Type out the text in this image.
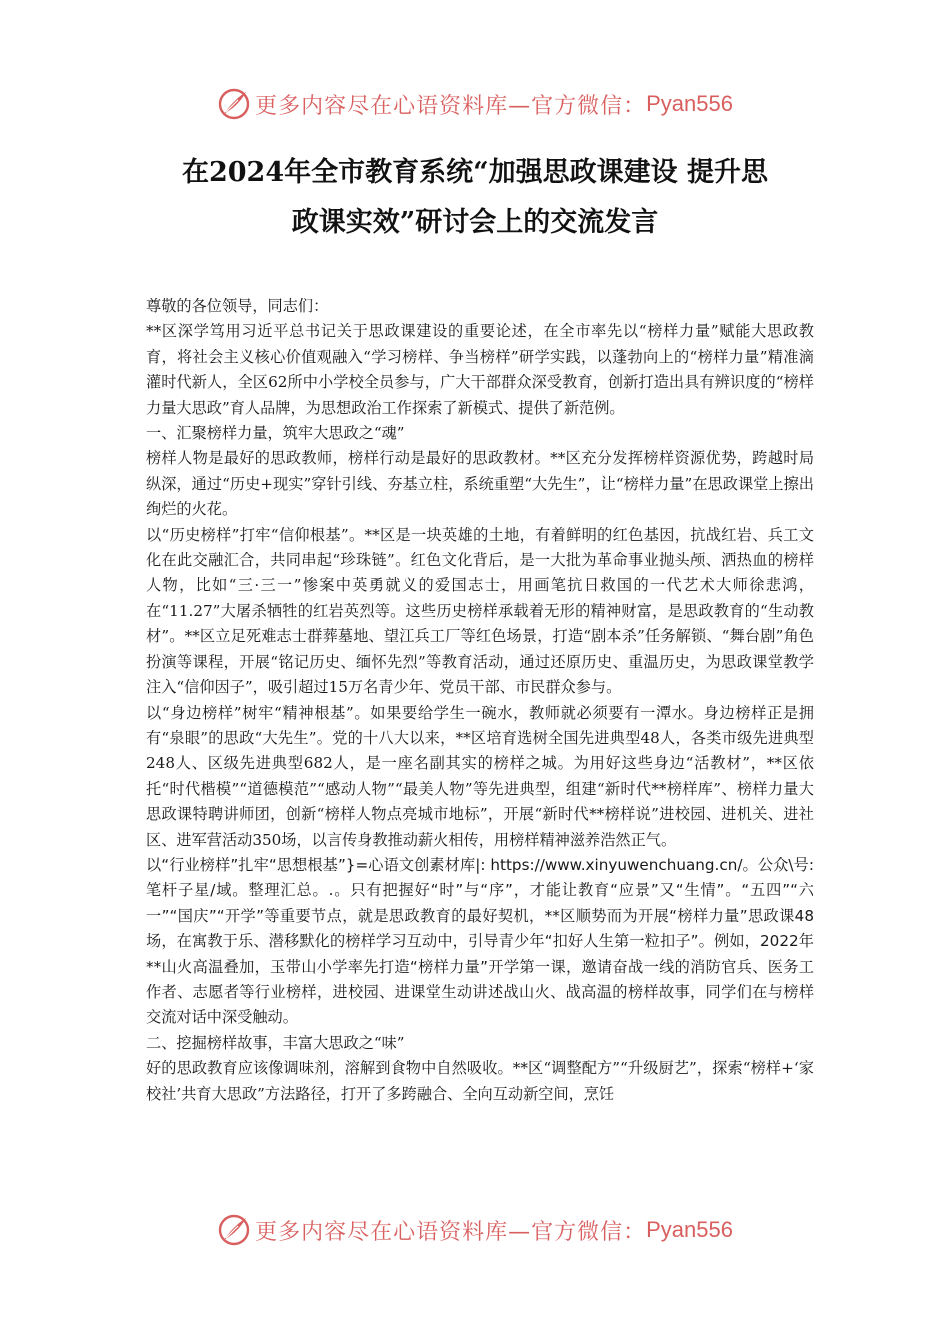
更多内容尽在心语资料库—官方微信： Pyan556
在2024年全市教育系统“加强思政课建设 提升思
政课实效”研讨会上的交流发言

尊敬的各位领导，同志们：

**区深学笃用习近平总书记关于思政课建设的重要论述，在全市率先以“榜样力量”赋能大思政教育，将社会主义核心价值观融入“学习榜样、争当榜样”研学实践，以蓬勃向上的“榜样力量”精准滴灌时代新人，全区62所中小学校全员参与，广大干部群众深受教育，创新打造出具有辨识度的“榜样力量大思政”育人品牌，为思想政治工作探索了新模式、提供了新范例。

一、汇聚榜样力量，筑牢大思政之“魂”

榜样人物是最好的思政教师，榜样行动是最好的思政教材。**区充分发挥榜样资源优势，跨越时局纵深，通过“历史+现实”穿针引线、夯基立柱，系统重塑“大先生”，让“榜样力量”在思政课堂上擦出绚烂的火花。

以“历史榜样”打牢“信仰根基”。**区是一块英雄的土地，有着鲜明的红色基因，抗战红岩、兵工文化在此交融汇合，共同串起“珍珠链”。红色文化背后，是一大批为革命事业抛头颅、洒热血的榜样人物，比如“三·三一”惨案中英勇就义的爱国志士，用画笔抗日救国的一代艺术大师徐悲鸿，在“11.27”大屠杀牺牲的红岩英烈等。这些历史榜样承载着无形的精神财富，是思政教育的“生动教材”。**区立足死难志士群葬墓地、望江兵工厂等红色场景，打造“剧本杀”任务解锁、“舞台剧”角色扮演等课程，开展“铭记历史、缅怀先烈”等教育活动，通过还原历史、重温历史，为思政课堂教学注入“信仰因子”，吸引超过15万名青少年、党员干部、市民群众参与。

以“身边榜样”树牢“精神根基”。如果要给学生一碗水，教师就必须要有一潭水。身边榜样正是拥有“泉眼”的思政“大先生”。党的十八大以来，**区培育选树全国先进典型48人，各类市级先进典型248人、区级先进典型682人，是一座名副其实的榜样之城。为用好这些身边“活教材”，**区依托“时代楷模”“道德模范”“感动人物”“最美人物”等先进典型，组建“新时代**榜样库”、榜样力量大思政课特聘讲师团，创新“榜样人物点亮城市地标”，开展“新时代**榜样说”进校园、进机关、进社区、进军营活动350场，以言传身教推动薪火相传，用榜样精神滋养浩然正气。

以“行业榜样”扎牢“思想根基”}=心语文创素材库|: https://www.xinyuwenchuang.cn/。公众\号: 笔杆子星/域。整理汇总。.。只有把握好“时”与“序”，才能让教育“应景”又“生情”。“五四”“六一”“国庆”“开学”等重要节点，就是思政教育的最好契机，**区顺势而为开展“榜样力量”思政课48场，在寓教于乐、潜移默化的榜样学习互动中，引导青少年“扣好人生第一粒扣子”。例如，2022年**山火高温叠加，玉带山小学率先打造“榜样力量”开学第一课，邀请奋战一线的消防官兵、医务工作者、志愿者等行业榜样，进校园、进课堂生动讲述战山火、战高温的榜样故事，同学们在与榜样交流对话中深受触动。

二、挖掘榜样故事，丰富大思政之“味”

好的思政教育应该像调味剂，溶解到食物中自然吸收。**区“调整配方”“升级厨艺”，探索“榜样+‘家校社’共育大思政”方法路径，打开了多跨融合、全向互动新空间，烹饪

更多内容尽在心语资料库—官方微信： Pyan556
